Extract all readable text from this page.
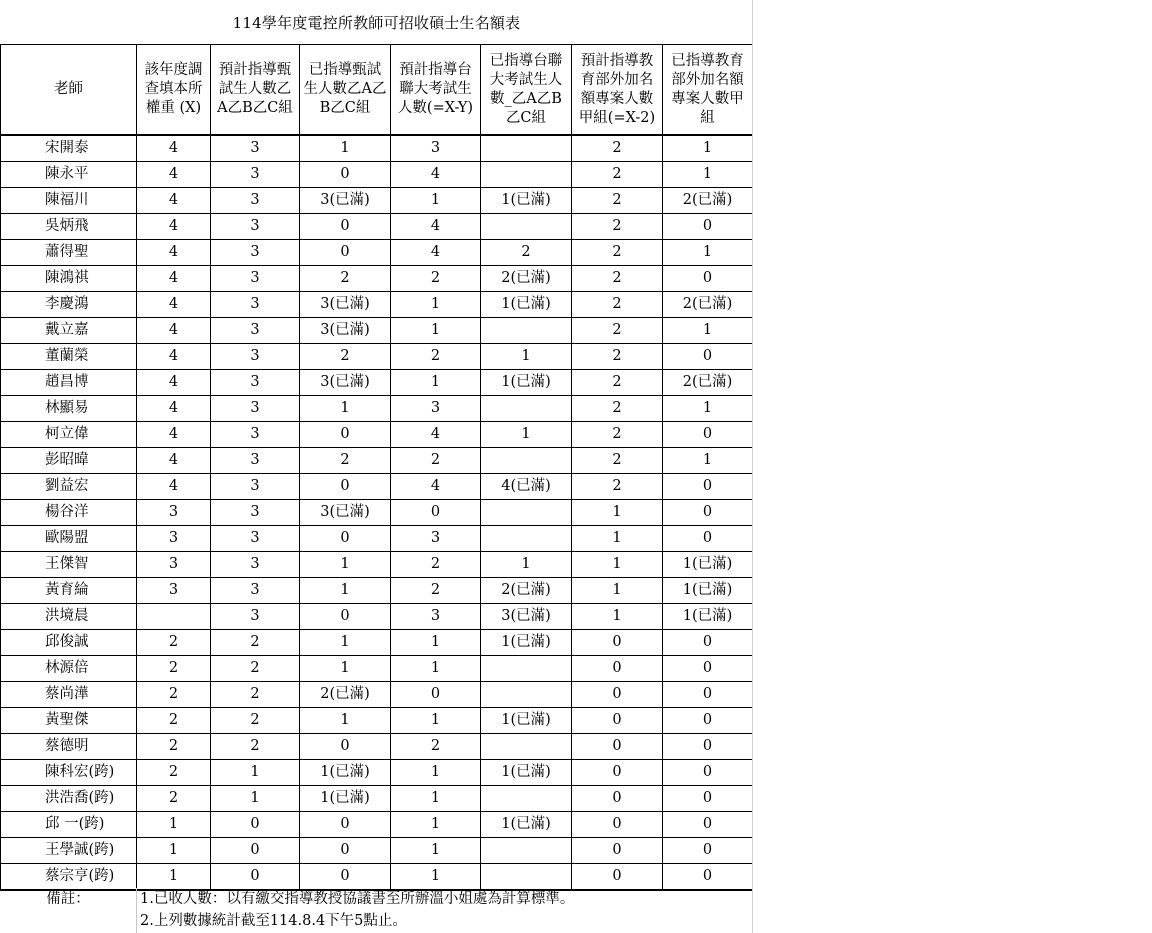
114學年度電控所教師可招收碩士生名額表
老師	該年度調查填本所權重 (X)	預計指導甄試生人數乙A乙B乙C組	已指導甄試生人數乙A乙B乙C組	預計指導台聯大考試生人數(=X-Y)	已指導台聯大考試生人數_乙A乙B乙C組	預計指導教育部外加名額專案人數甲組(=X-2)	已指導教育部外加名額專案人數甲組
宋開泰	4	3	1	3		2	1
陳永平	4	3	0	4		2	1
陳福川	4	3	3(已滿)	1	1(已滿)	2	2(已滿)
吳炳飛	4	3	0	4		2	0
蕭得聖	4	3	0	4	2	2	1
陳鴻祺	4	3	2	2	2(已滿)	2	0
李慶鴻	4	3	3(已滿)	1	1(已滿)	2	2(已滿)
戴立嘉	4	3	3(已滿)	1		2	1
董蘭榮	4	3	2	2	1	2	0
趙昌博	4	3	3(已滿)	1	1(已滿)	2	2(已滿)
林顯易	4	3	1	3		2	1
柯立偉	4	3	0	4	1	2	0
彭昭暐	4	3	2	2		2	1
劉益宏	4	3	0	4	4(已滿)	2	0
楊谷洋	3	3	3(已滿)	0		1	0
歐陽盟	3	3	0	3		1	0
王傑智	3	3	1	2	1	1	1(已滿)
黃育綸	3	3	1	2	2(已滿)	1	1(已滿)
洪境晨		3	0	3	3(已滿)	1	1(已滿)
邱俊誠	2	2	1	1	1(已滿)	0	0
林源倍	2	2	1	1		0	0
蔡尚澕	2	2	2(已滿)	0		0	0
黃聖傑	2	2	1	1	1(已滿)	0	0
蔡德明	2	2	0	2		0	0
陳科宏(跨)	2	1	1(已滿)	1	1(已滿)	0	0
洪浩喬(跨)	2	1	1(已滿)	1		0	0
邱 一(跨)	1	0	0	1	1(已滿)	0	0
王學誠(跨)	1	0	0	1		0	0
蔡宗亨(跨)	1	0	0	1		0	0
備註：	1.已收人數：以有繳交指導教授協議書至所辦溫小姐處為計算標準。
2.上列數據統計截至114.8.4下午5點止。
